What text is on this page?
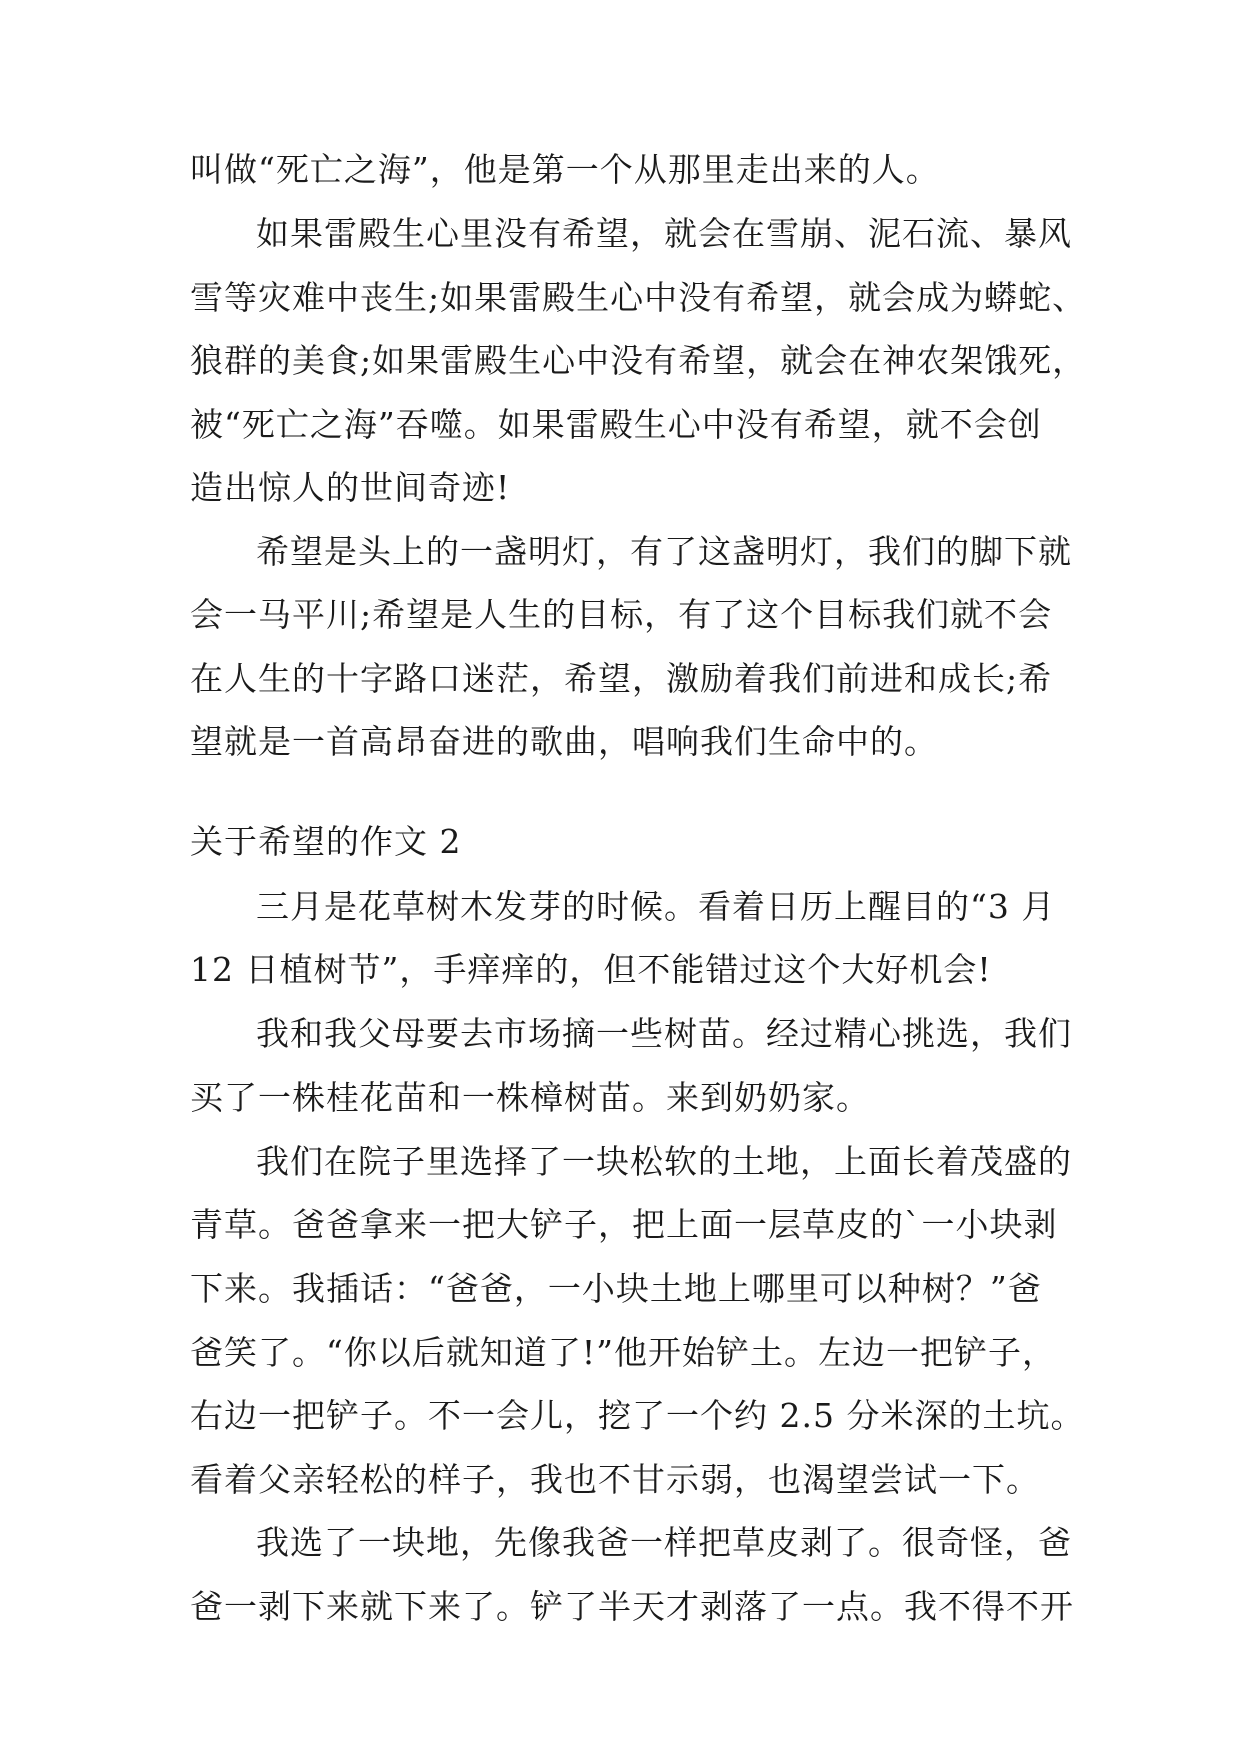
叫做“死亡之海”，他是第一个从那里走出来的人。
如果雷殿生心里没有希望，就会在雪崩、泥石流、暴风
雪等灾难中丧生;如果雷殿生心中没有希望，就会成为蟒蛇、
狼群的美食;如果雷殿生心中没有希望，就会在神农架饿死，
被“死亡之海”吞噬。如果雷殿生心中没有希望，就不会创
造出惊人的世间奇迹!
希望是头上的一盏明灯，有了这盏明灯，我们的脚下就
会一马平川;希望是人生的目标，有了这个目标我们就不会
在人生的十字路口迷茫，希望，激励着我们前进和成长;希
望就是一首高昂奋进的歌曲，唱响我们生命中的。
关于希望的作文 2
三月是花草树木发芽的时候。看着日历上醒目的“3 月
12 日植树节”，手痒痒的，但不能错过这个大好机会!
我和我父母要去市场摘一些树苗。经过精心挑选，我们
买了一株桂花苗和一株樟树苗。来到奶奶家。
我们在院子里选择了一块松软的土地，上面长着茂盛的
青草。爸爸拿来一把大铲子，把上面一层草皮的`一小块剥
下来。我插话：“爸爸，一小块土地上哪里可以种树？”爸
爸笑了。“你以后就知道了!”他开始铲土。左边一把铲子，
右边一把铲子。不一会儿，挖了一个约 2.5 分米深的土坑。
看着父亲轻松的样子，我也不甘示弱，也渴望尝试一下。
我选了一块地，先像我爸一样把草皮剥了。很奇怪，爸
爸一剥下来就下来了。铲了半天才剥落了一点。我不得不开
